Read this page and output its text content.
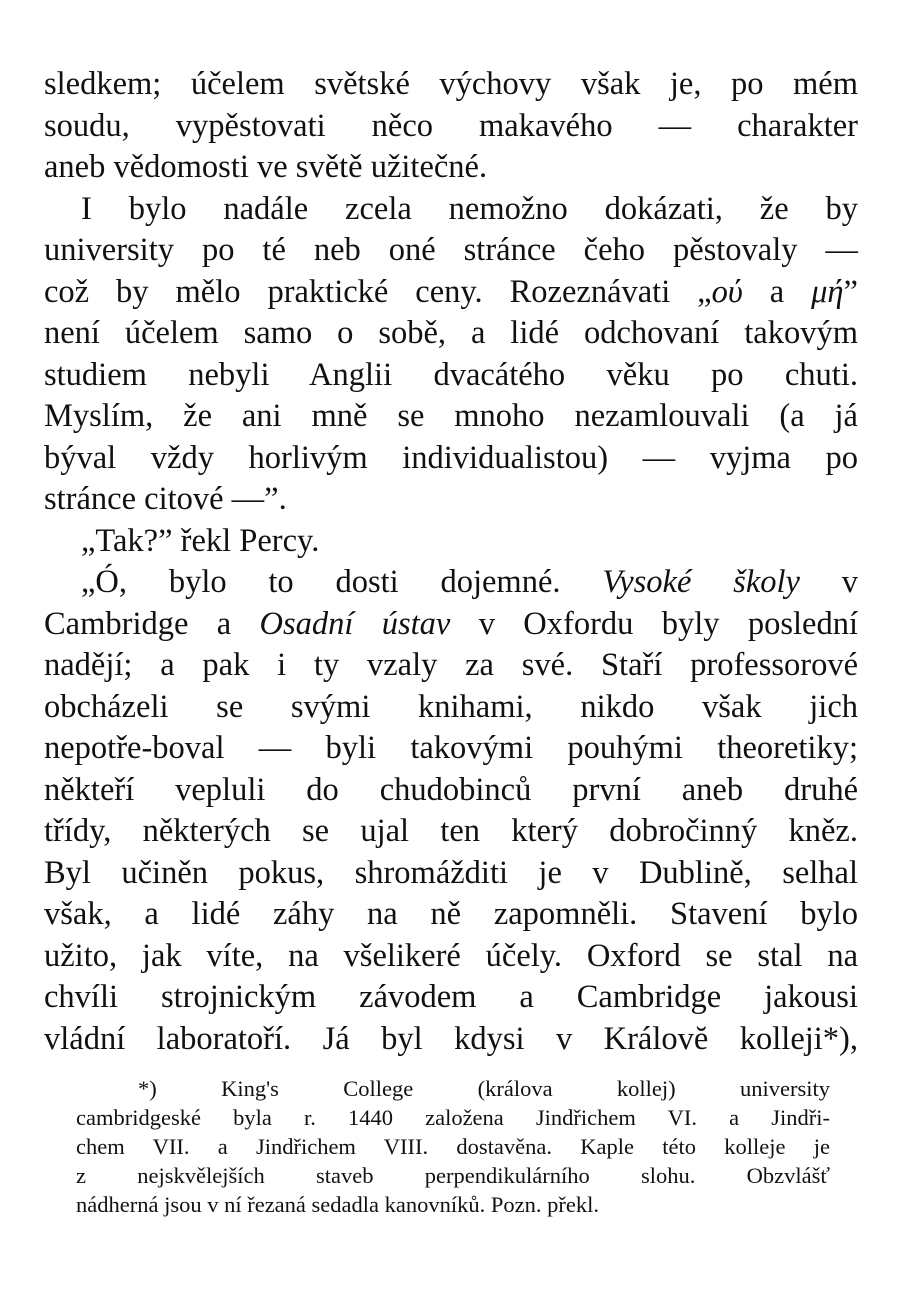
sledkem; účelem světské výchovy však je, po mém
soudu, vypěstovati něco makavého — charakter
aneb vědomosti ve světě užitečné.
I bylo nadále zcela nemožno dokázati, že by
university po té neb oné stránce čeho pěstovaly —
což by mělo praktické ceny. Rozeznávati „ού a μή”
není účelem samo o sobě, a lidé odchovaní takovým
studiem nebyli Anglii dvacátého věku po chuti.
Myslím, že ani mně se mnoho nezamlouvali (a já
býval vždy horlivým individualistou) — vyjma po
stránce citové —”.
„Tak?” řekl Percy.
„Ó, bylo to dosti dojemné. Vysoké školy v
Cambridge a Osadní ústav v Oxfordu byly poslední
nadějí; a pak i ty vzaly za své. Staří professorové
obcházeli se svými knihami, nikdo však jich
nepotře-boval — byli takovými pouhými theoretiky;
někteří vepluli do chudobinců první aneb druhé
třídy, některých se ujal ten který dobročinný kněz.
Byl učiněn pokus, shromážditi je v Dublině, selhal
však, a lidé záhy na ně zapomněli. Stavení bylo
užito, jak víte, na všelikeré účely. Oxford se stal na
chvíli strojnickým závodem a Cambridge jakousi
vládní laboratoří. Já byl kdysi v Královĕ kolleji*),
*) King's College (králova kollej) university
cambridgeské byla r. 1440 založena Jindřichem VI. a Jindři-
chem VII. a Jindřichem VIII. dostavěna. Kaple této kolleje je
z nejskvělejších staveb perpendikulárního slohu. Obzvlášť
nádherná jsou v ní řezaná sedadla kanovníků. Pozn. překl.
